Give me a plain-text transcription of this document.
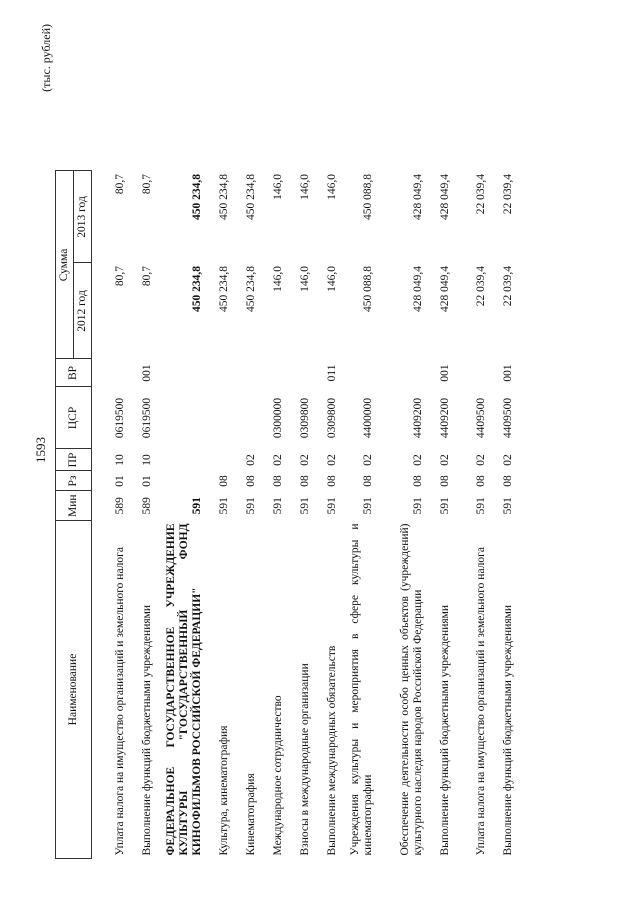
1593
(тыс. рублей)
Наименование	Мин	Рз	ПР	ЦСР	ВР	Сумма	
						2012 год	2013 год
Уплата налога на имущество организаций и земельного налога	589	01	10	0619500		80,7	80,7
Выполнение функций бюджетными учреждениями	589	01	10	0619500	001	80,7	80,7
ФЕДЕРАЛЬНОЕ ГОСУДАРСТВЕННОЕ УЧРЕЖДЕНИЕ КУЛЬТУРЫ "ГОСУДАРСТВЕННЫЙ ФОНД КИНОФИЛЬМОВ РОССИЙСКОЙ ФЕДЕРАЦИИ"	591					450 234,8	450 234,8
Культура, кинематография	591	08				450 234,8	450 234,8
Кинематография	591	08	02			450 234,8	450 234,8
Международное сотрудничество	591	08	02	0300000		146,0	146,0
Взносы в международные организации	591	08	02	0309800		146,0	146,0
Выполнение международных обязательств	591	08	02	0309800	011	146,0	146,0
Учреждения культуры и мероприятия в сфере культуры и кинематографии	591	08	02	4400000		450 088,8	450 088,8
Обеспечение деятельности особо ценных объектов (учреждений) культурного наследия народов Российской Федерации	591	08	02	4409200		428 049,4	428 049,4
Выполнение функций бюджетными учреждениями	591	08	02	4409200	001	428 049,4	428 049,4
Уплата налога на имущество организаций и земельного налога	591	08	02	4409500		22 039,4	22 039,4
Выполнение функций бюджетными учреждениями	591	08	02	4409500	001	22 039,4	22 039,4
